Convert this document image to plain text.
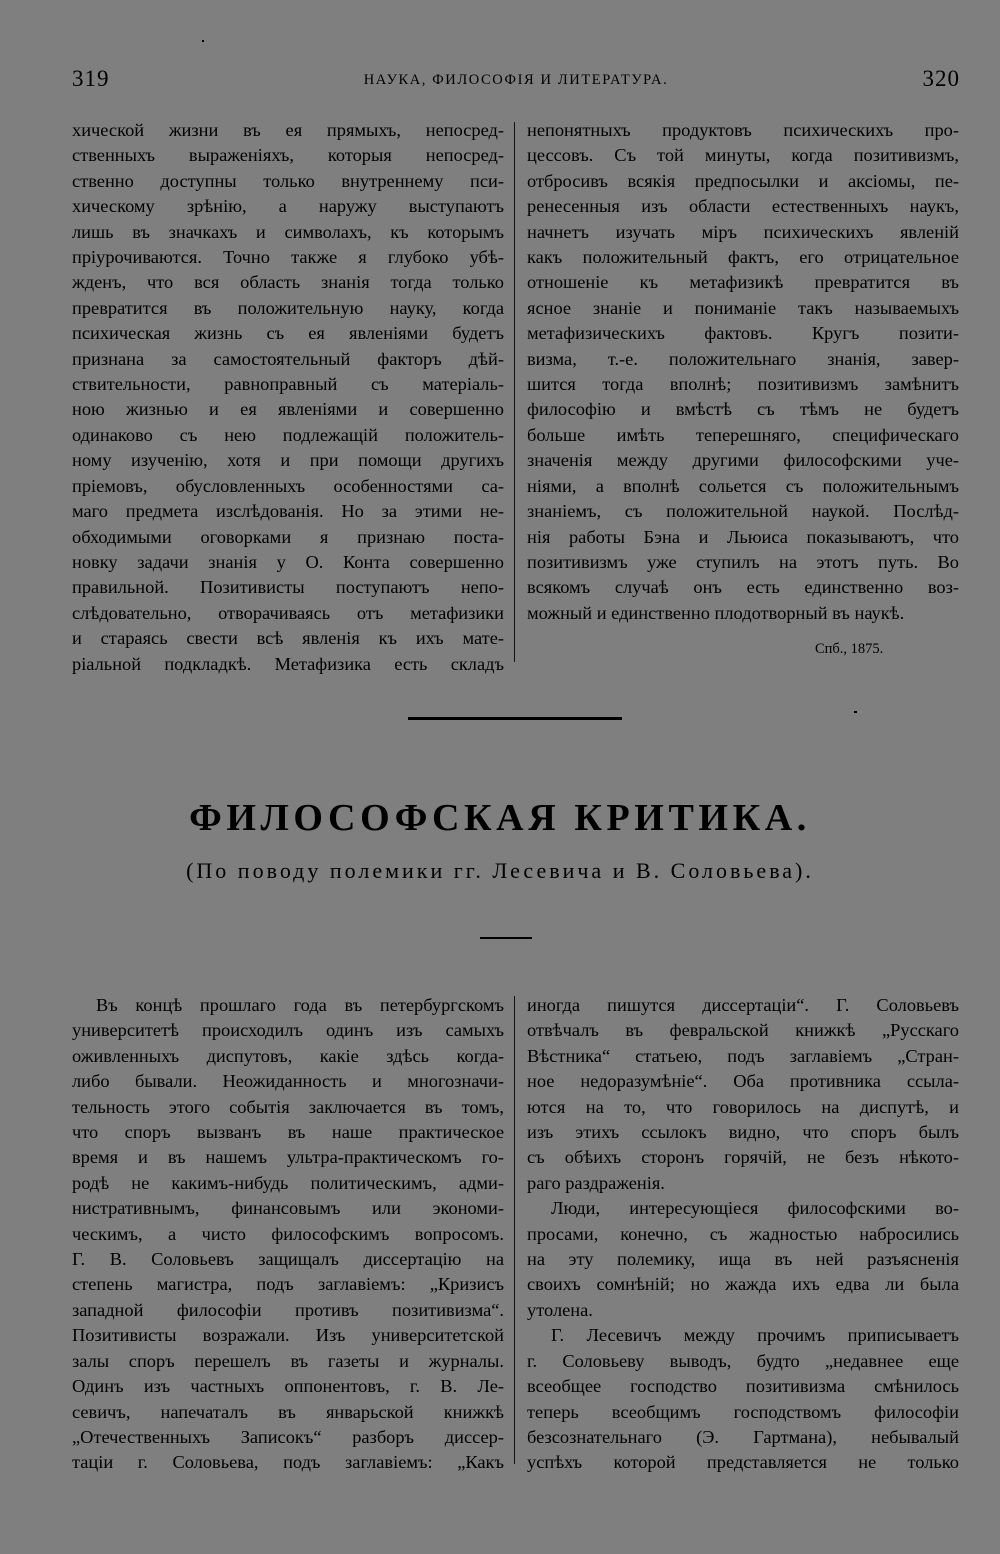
319	НАУКА, ФИЛОСОФІЯ И ЛИТЕРАТУРА.	320
хической жизни въ ея прямыхъ, непосред-
ственныхъ выраженіяхъ, которыя непосред-
ственно доступны только внутреннему пси-
хическому зрѣнію, а наружу выступаютъ
лишь въ значкахъ и символахъ, къ которымъ
пріурочиваются. Точно также я глубоко убѣ-
жденъ, что вся область знанія тогда только
превратится въ положительную науку, когда
психическая жизнь съ ея явленіями будетъ
признана за самостоятельный факторъ дѣй-
ствительности, равноправный съ матеріаль-
ною жизнью и ея явленіями и совершенно
одинаково съ нею подлежащій положитель-
ному изученію, хотя и при помощи другихъ
пріемовъ, обусловленныхъ особенностями са-
маго предмета изслѣдованія. Но за этими не-
обходимыми оговорками я признаю поста-
новку задачи знанія у О. Конта совершенно
правильной. Позитивисты поступаютъ непо-
слѣдовательно, отворачиваясь отъ метафизики
и стараясь свести всѣ явленія къ ихъ мате-
ріальной подкладкѣ. Метафизика есть складъ
непонятныхъ продуктовъ психическихъ про-
цессовъ. Съ той минуты, когда позитивизмъ,
отбросивъ всякія предпосылки и аксіомы, пе-
ренесенныя изъ области естественныхъ наукъ,
начнетъ изучать міръ психическихъ явленій
какъ положительный фактъ, его отрицательное
отношеніе къ метафизикѣ превратится въ
ясное знаніе и пониманіе такъ называемыхъ
метафизическихъ фактовъ. Кругъ позити-
визма, т.-е. положительнаго знанія, завер-
шится тогда вполнѣ; позитивизмъ замѣнитъ
философію и вмѣстѣ съ тѣмъ не будетъ
больше имѣть теперешняго, специфическаго
значенія между другими философскими уче-
ніями, а вполнѣ сольется съ положительнымъ
знаніемъ, съ положительной наукой. Послѣд-
нія работы Бэна и Льюиса показываютъ, что
позитивизмъ уже ступилъ на этотъ путь. Во
всякомъ случаѣ онъ есть единственно воз-
можный и единственно плодотворный въ наукѣ.
Спб., 1875.
ФИЛОСОФСКАЯ КРИТИКА.
(По поводу полемики гг. Лесевича и В. Соловьева).
Въ концѣ прошлаго года въ петербургскомъ
университетѣ происходилъ одинъ изъ самыхъ
оживленныхъ диспутовъ, какіе здѣсь когда-
либо бывали. Неожиданность и многозначи-
тельность этого событія заключается въ томъ,
что споръ вызванъ въ наше практическое
время и въ нашемъ ультра-практическомъ го-
родѣ не какимъ-нибудь политическимъ, адми-
нистративнымъ, финансовымъ или экономи-
ческимъ, а чисто философскимъ вопросомъ.
Г. В. Соловьевъ защищалъ диссертацію на
степень магистра, подъ заглавіемъ: „Кризисъ
западной философіи противъ позитивизма“.
Позитивисты возражали. Изъ университетской
залы споръ перешелъ въ газеты и журналы.
Одинъ изъ частныхъ оппонентовъ, г. В. Ле-
севичъ, напечаталъ въ январьской книжкѣ
„Отечественныхъ Записокъ“ разборъ диссер-
таціи г. Соловьева, подъ заглавіемъ: „Какъ
иногда пишутся диссертаціи“. Г. Соловьевъ
отвѣчалъ въ февральской книжкѣ „Русскаго
Вѣстника“ статьею, подъ заглавіемъ „Стран-
ное недоразумѣніе“. Оба противника ссыла-
ются на то, что говорилось на диспутѣ, и
изъ этихъ ссылокъ видно, что споръ былъ
съ обѣихъ сторонъ горячій, не безъ нѣкото-
раго раздраженія.
Люди, интересующіеся философскими во-
просами, конечно, съ жадностью набросились
на эту полемику, ища въ ней разъясненія
своихъ сомнѣній; но жажда ихъ едва ли была
утолена.
Г. Лесевичъ между прочимъ приписываетъ
г. Соловьеву выводъ, будто „недавнее еще
всеобщее господство позитивизма смѣнилось
теперь всеобщимъ господствомъ философіи
безсознательнаго (Э. Гартмана), небывалый
успѣхъ которой представляется не только
